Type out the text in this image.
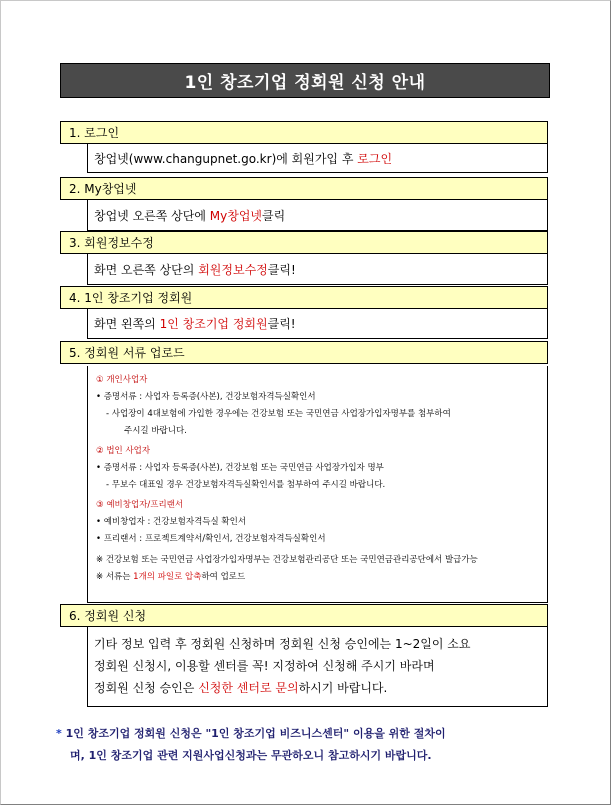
1인 창조기업 정회원 신청 안내
1. 로그인
창업넷(www.changupnet.go.kr)에 회원가입 후
로그인
2. My창업넷
창업넷 오른쪽 상단에
My창업넷 클릭
3. 회원정보수정
화면 오른쪽 상단의
회원정보수정 클릭!
4. 1인 창조기업 정회원
화면 왼쪽의
1인 창조기업 정회원 클릭!
5. 정회원 서류 업로드
① 개인사업자
• 증명서류 : 사업자 등록증(사본), 건강보험자격득실확인서
- 사업장이 4대보험에 가입한 경우에는 건강보험 또는 국민연금 사업장가입자명부를 첨부하여
주시길 바랍니다.
② 법인 사업자
• 증명서류 : 사업자 등록증(사본), 건강보험 또는 국민연금 사업장가입자 명부
- 무보수 대표일 경우 건강보험자격득실확인서를 첨부하여 주시길 바랍니다.
③ 예비창업자/프리랜서
• 예비창업자 : 건강보험자격득실 확인서
• 프리랜서 : 프로젝트계약서/확인서, 건강보험자격득실확인서
※ 건강보험 또는 국민연금 사업장가입자명부는 건강보험관리공단 또는 국민연금관리공단에서 발급가능
※ 서류는 1개의 파일로 압축하여 업로드
6. 정회원 신청
기타 정보 입력 후 정회원 신청하며 정회원 신청 승인에는 1~2일이 소요
정회원 신청시, 이용할 센터를 꼭! 지정하여 신청해 주시기 바라며
정회원 신청 승인은 신청한 센터로 문의하시기 바랍니다.
* 1인 창조기업 정회원 신청은 "1인 창조기업 비즈니스센터" 이용을 위한 절차이
며, 1인 창조기업 관련 지원사업신청과는 무관하오니 참고하시기 바랍니다.
